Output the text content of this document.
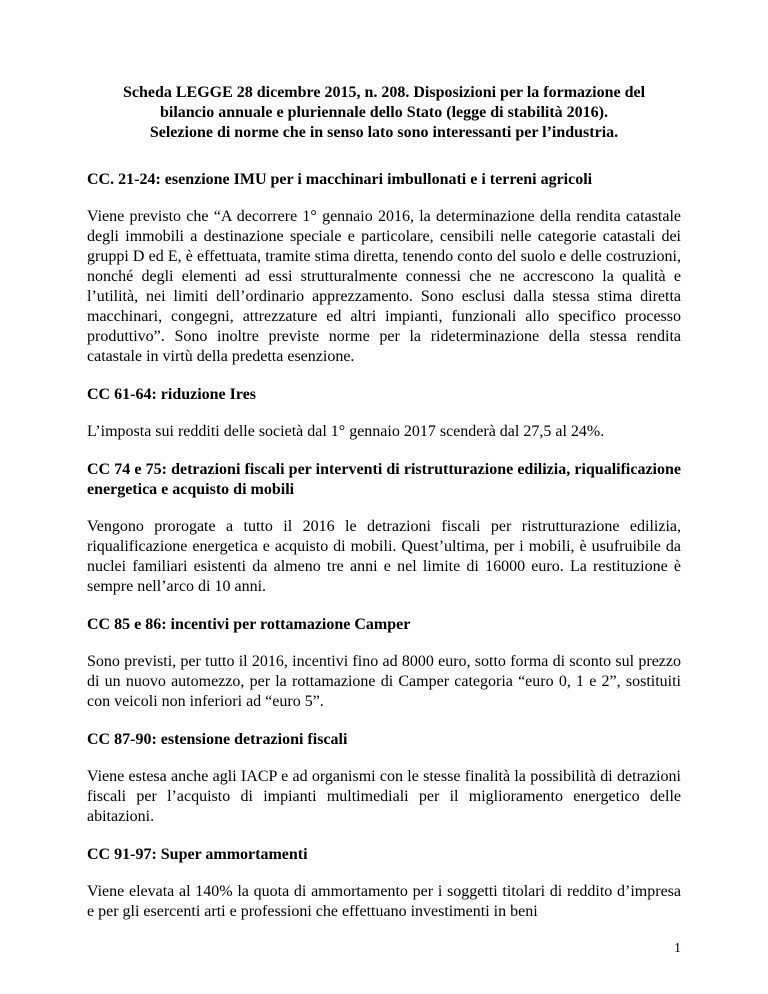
Scheda LEGGE 28 dicembre 2015, n. 208. Disposizioni per la formazione del
bilancio annuale e pluriennale dello Stato (legge di stabilità 2016).
Selezione di norme che in senso lato sono interessanti per l’industria.
CC. 21-24: esenzione IMU per i macchinari imbullonati e i terreni agricoli
Viene previsto che “A decorrere 1° gennaio 2016, la determinazione della rendita catastale degli immobili a destinazione speciale e particolare, censibili nelle categorie catastali dei gruppi D ed E, è effettuata, tramite stima diretta, tenendo conto del suolo e delle costruzioni, nonché degli elementi ad essi strutturalmente connessi che ne accrescono la qualità e l’utilità, nei limiti dell’ordinario apprezzamento. Sono esclusi dalla stessa stima diretta macchinari, congegni, attrezzature ed altri impianti, funzionali allo specifico processo produttivo”. Sono inoltre previste norme per la rideterminazione della stessa rendita catastale in virtù della predetta esenzione.
CC 61-64: riduzione Ires
L’imposta sui redditi delle società dal 1° gennaio 2017 scenderà dal 27,5 al 24%.
CC 74 e 75: detrazioni fiscali per interventi di ristrutturazione edilizia, riqualificazione energetica e acquisto di mobili
Vengono prorogate a tutto il 2016 le detrazioni fiscali per ristrutturazione edilizia, riqualificazione energetica e acquisto di mobili. Quest’ultima, per i mobili, è usufruibile da nuclei familiari esistenti da almeno tre anni e nel limite di 16000 euro. La restituzione è sempre nell’arco di 10 anni.
CC 85 e 86: incentivi per rottamazione Camper
Sono previsti, per tutto il 2016, incentivi fino ad 8000 euro, sotto forma di sconto sul prezzo di un nuovo automezzo, per la rottamazione di Camper categoria “euro 0, 1 e 2”, sostituiti con veicoli non inferiori ad “euro 5”.
CC 87-90: estensione detrazioni fiscali
Viene estesa anche agli IACP e ad organismi con le stesse finalità la possibilità di detrazioni fiscali per l’acquisto di impianti multimediali per il miglioramento energetico delle abitazioni.
CC 91-97: Super ammortamenti
Viene elevata al 140% la quota di ammortamento per i soggetti titolari di reddito d’impresa e per gli esercenti arti e professioni che effettuano investimenti in beni
1
